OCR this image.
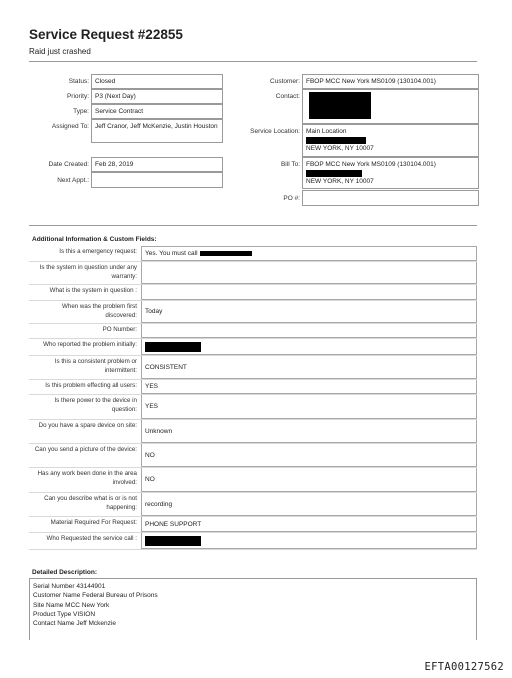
Service Request #22855
Raid just crashed
Status: Closed
Priority: P3 (Next Day)
Type: Service Contract
Assigned To: Jeff Cranor, Jeff McKenzie, Justin Houston
Date Created: Feb 28, 2019
Next Appt.:
Customer: FBOP MCC New York MS0109 (130104.001)
Contact:
Service Location: Main Location
NEW YORK, NY 10007
Bill To: FBOP MCC New York MS0109 (130104.001)
NEW YORK, NY 10007
PO #:
Additional Information & Custom Fields:
Is this a emergency request:	Yes. You must call
Is the system in question under any warranty:
What is the system in question :
When was the problem first discovered:	Today
PO Number:
Who reported the problem initially:
Is this a consistent problem or intermittent:	CONSISTENT
Is this problem effecting all users:	YES
Is there power to the device in question:	YES
Do you have a spare device on site:
Unknown
Can you send a picture of the device:
NO
Has any work been done in the area involved:	NO
Can you describe what is or is not happening:	recording
Material Required For Request:	PHONE SUPPORT
Who Requested the service call :
Detailed Description:
Serial Number 43144901
Customer Name Federal Bureau of Prisons
Site Name MCC New York
Product Type VISION
Contact Name Jeff Mckenzie
EFTA00127562
